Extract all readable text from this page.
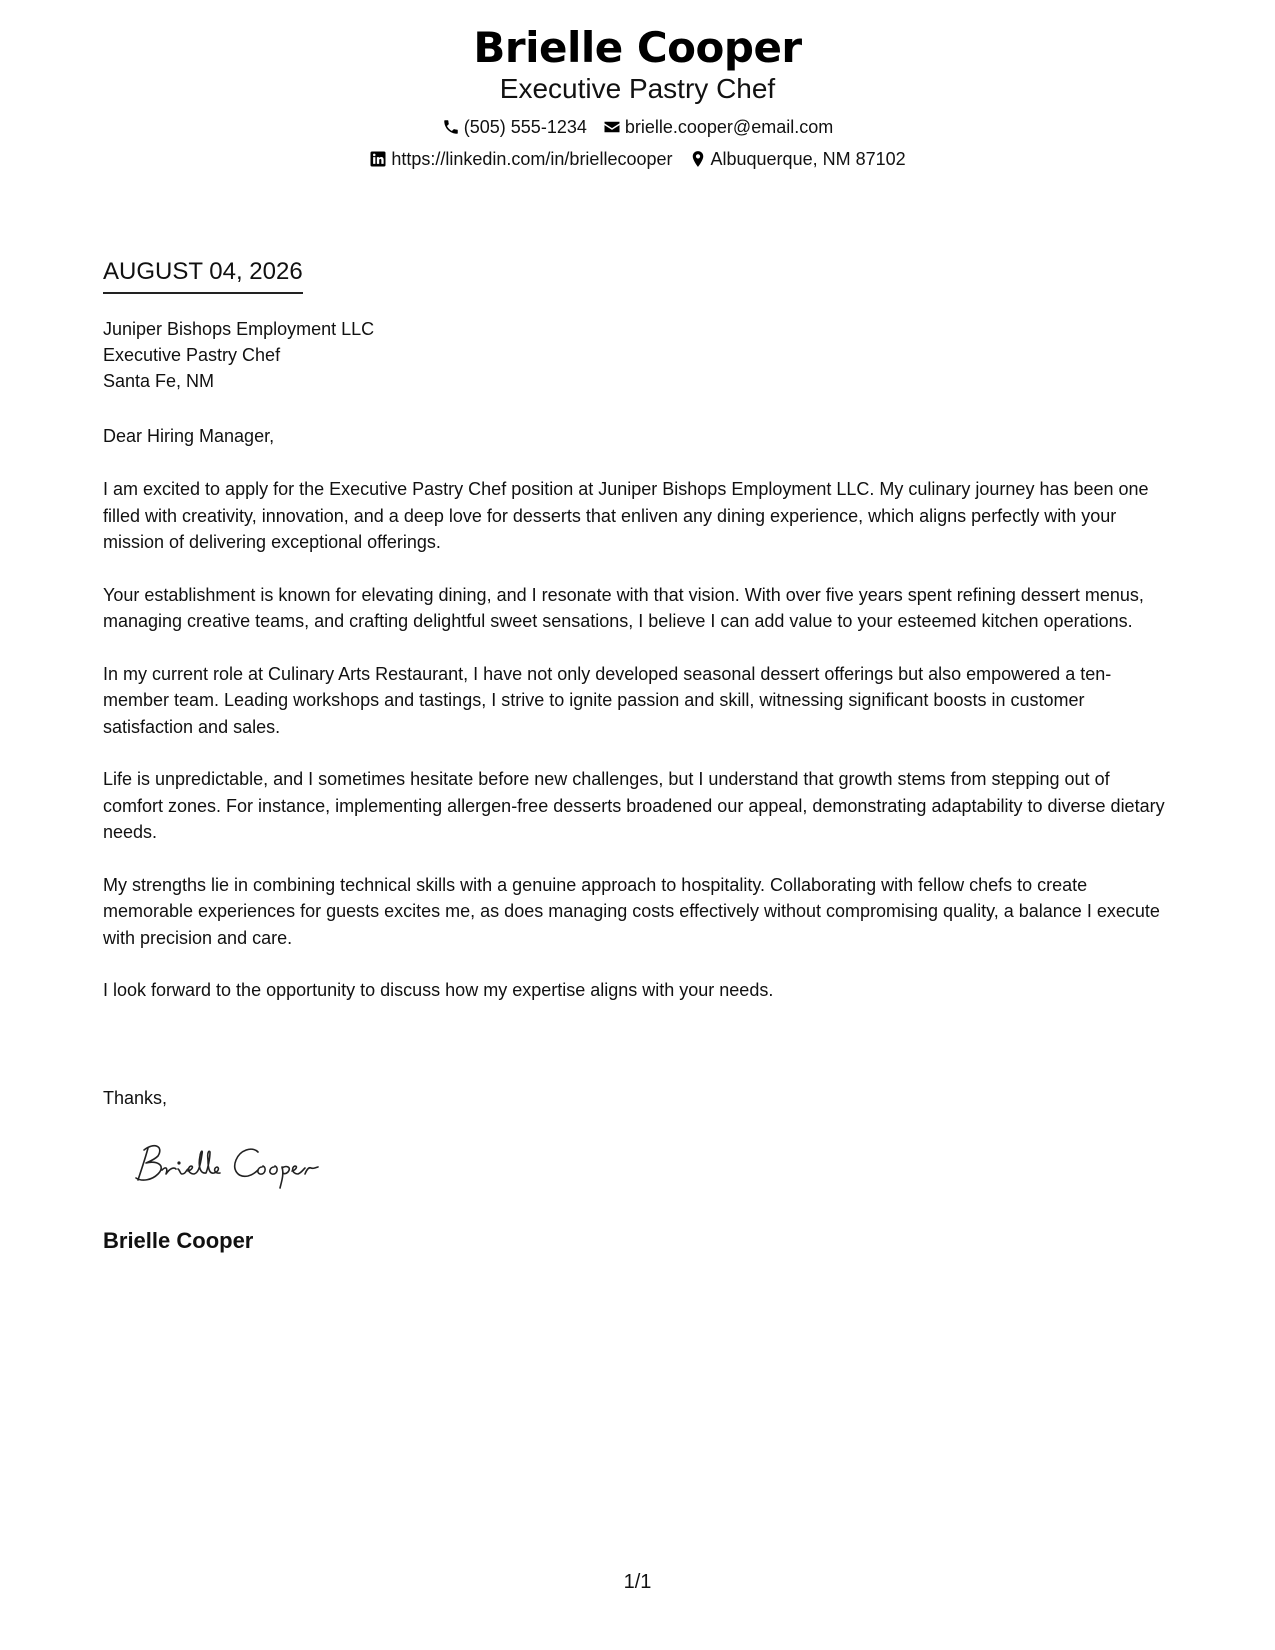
Brielle Cooper
Executive Pastry Chef
(505) 555-1234 brielle.cooper@email.com
https://linkedin.com/in/briellecooper Albuquerque, NM 87102
AUGUST 04, 2026
Juniper Bishops Employment LLC
Executive Pastry Chef
Santa Fe, NM
Dear Hiring Manager,

I am excited to apply for the Executive Pastry Chef position at Juniper Bishops Employment LLC. My culinary journey has been one filled with creativity, innovation, and a deep love for desserts that enliven any dining experience, which aligns perfectly with your mission of delivering exceptional offerings.

Your establishment is known for elevating dining, and I resonate with that vision. With over five years spent refining dessert menus, managing creative teams, and crafting delightful sweet sensations, I believe I can add value to your esteemed kitchen operations.

In my current role at Culinary Arts Restaurant, I have not only developed seasonal dessert offerings but also empowered a ten-member team. Leading workshops and tastings, I strive to ignite passion and skill, witnessing significant boosts in customer satisfaction and sales.

Life is unpredictable, and I sometimes hesitate before new challenges, but I understand that growth stems from stepping out of comfort zones. For instance, implementing allergen-free desserts broadened our appeal, demonstrating adaptability to diverse dietary needs.

My strengths lie in combining technical skills with a genuine approach to hospitality. Collaborating with fellow chefs to create memorable experiences for guests excites me, as does managing costs effectively without compromising quality, a balance I execute with precision and care.

I look forward to the opportunity to discuss how my expertise aligns with your needs.

Thanks,
Brielle Cooper
1/1
